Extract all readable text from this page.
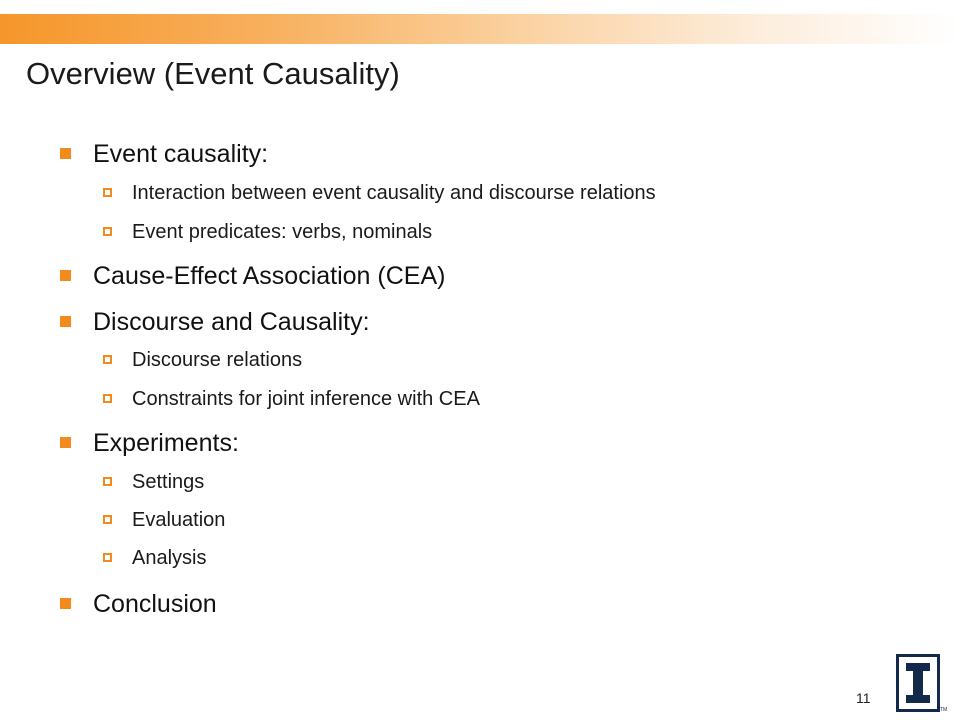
Overview (Event Causality)
Event causality:
Interaction between event causality and discourse relations
Event predicates: verbs, nominals
Cause-Effect Association (CEA)
Discourse and Causality:
Discourse relations
Constraints for joint inference with CEA
Experiments:
Settings
Evaluation
Analysis
Conclusion
11
TM
